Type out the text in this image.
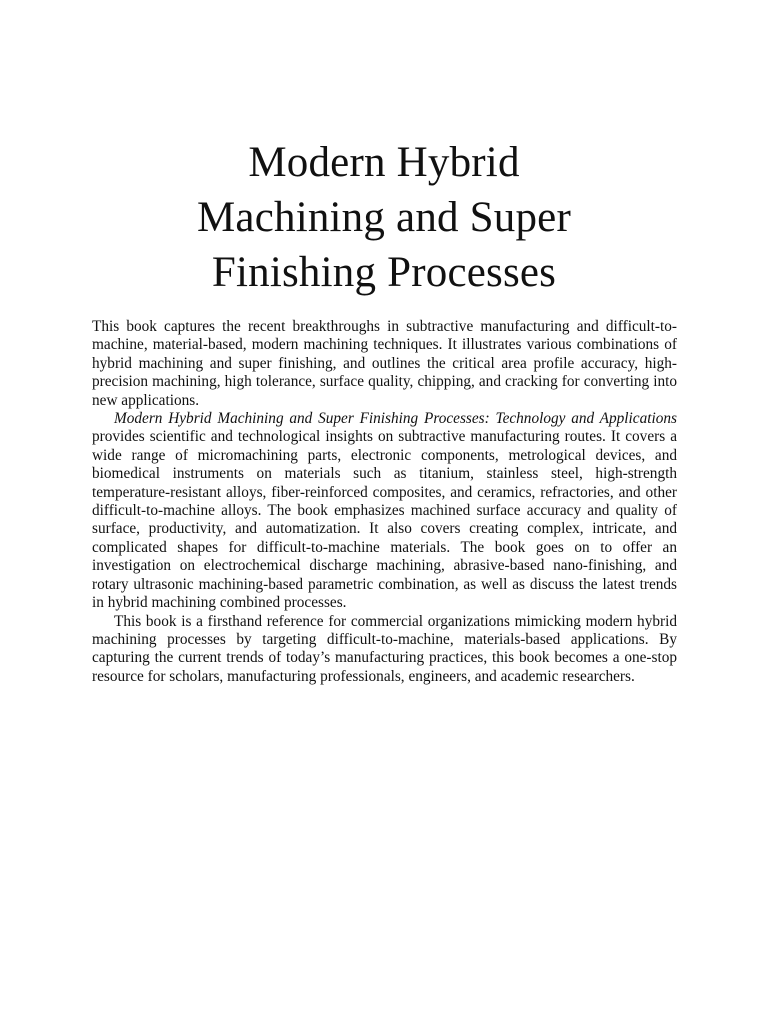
Modern Hybrid
Machining and Super
Finishing Processes

This book captures the recent breakthroughs in subtractive manufacturing and difficult-to-machine, material-based, modern machining techniques. It illustrates various combinations of hybrid machining and super finishing, and outlines the critical area profile accuracy, high-precision machining, high tolerance, surface quality, chipping, and cracking for converting into new applications.

Modern Hybrid Machining and Super Finishing Processes: Technology and Applications provides scientific and technological insights on subtractive manufacturing routes. It covers a wide range of micromachining parts, electronic components, metrological devices, and biomedical instruments on materials such as titanium, stainless steel, high-strength temperature-resistant alloys, fiber-reinforced composites, and ceramics, refractories, and other difficult-to-machine alloys. The book emphasizes machined surface accuracy and quality of surface, productivity, and automatization. It also covers creating complex, intricate, and complicated shapes for difficult-to-machine materials. The book goes on to offer an investigation on electrochemical discharge machining, abrasive-based nano-finishing, and rotary ultrasonic machining-based parametric combination, as well as discuss the latest trends in hybrid machining combined processes.

This book is a firsthand reference for commercial organizations mimicking modern hybrid machining processes by targeting difficult-to-machine, materials-based applications. By capturing the current trends of today’s manufacturing practices, this book becomes a one-stop resource for scholars, manufacturing professionals, engineers, and academic researchers.
